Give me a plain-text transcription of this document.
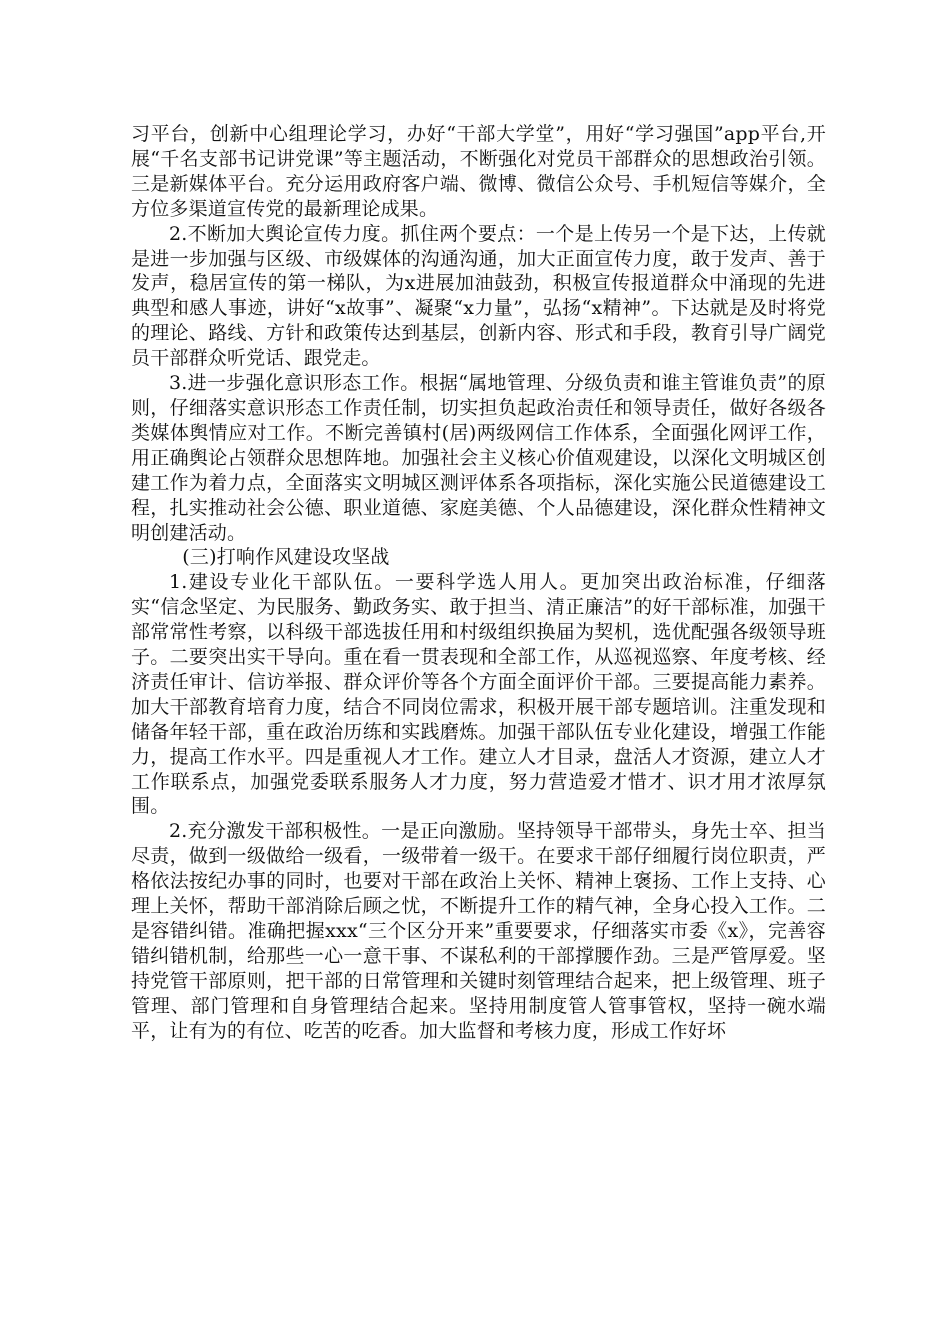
习平台，创新中心组理论学习，办好“干部大学堂”，用好“学习强国”app平台,开展“千名支部书记讲党课”等主题活动，不断强化对党员干部群众的思想政治引领。三是新媒体平台。充分运用政府客户端、微博、微信公众号、手机短信等媒介，全方位多渠道宣传党的最新理论成果。

2.不断加大舆论宣传力度。抓住两个要点：一个是上传另一个是下达，上传就是进一步加强与区级、市级媒体的沟通沟通，加大正面宣传力度，敢于发声、善于发声，稳居宣传的第一梯队，为x进展加油鼓劲，积极宣传报道群众中涌现的先进典型和感人事迹，讲好“x故事”、凝聚“x力量”，弘扬“x精神”。下达就是及时将党的理论、路线、方针和政策传达到基层，创新内容、形式和手段，教育引导广阔党员干部群众听党话、跟党走。

3.进一步强化意识形态工作。根据“属地管理、分级负责和谁主管谁负责”的原则，仔细落实意识形态工作责任制，切实担负起政治责任和领导责任，做好各级各类媒体舆情应对工作。不断完善镇村(居)两级网信工作体系，全面强化网评工作，用正确舆论占领群众思想阵地。加强社会主义核心价值观建设，以深化文明城区创建工作为着力点，全面落实文明城区测评体系各项指标，深化实施公民道德建设工程，扎实推动社会公德、职业道德、家庭美德、个人品德建设，深化群众性精神文明创建活动。

(三)打响作风建设攻坚战

1.建设专业化干部队伍。一要科学选人用人。更加突出政治标准，仔细落实“信念坚定、为民服务、勤政务实、敢于担当、清正廉洁”的好干部标准，加强干部常常性考察，以科级干部选拔任用和村级组织换届为契机，选优配强各级领导班子。二要突出实干导向。重在看一贯表现和全部工作，从巡视巡察、年度考核、经济责任审计、信访举报、群众评价等各个方面全面评价干部。三要提高能力素养。加大干部教育培育力度，结合不同岗位需求，积极开展干部专题培训。注重发现和储备年轻干部，重在政治历练和实践磨炼。加强干部队伍专业化建设，增强工作能力，提高工作水平。四是重视人才工作。建立人才目录，盘活人才资源，建立人才工作联系点，加强党委联系服务人才力度，努力营造爱才惜才、识才用才浓厚氛围。

2.充分激发干部积极性。一是正向激励。坚持领导干部带头，身先士卒、担当尽责，做到一级做给一级看，一级带着一级干。在要求干部仔细履行岗位职责，严格依法按纪办事的同时，也要对干部在政治上关怀、精神上褒扬、工作上支持、心理上关怀，帮助干部消除后顾之忧，不断提升工作的精气神，全身心投入工作。二是容错纠错。准确把握xxx“三个区分开来”重要要求，仔细落实市委《x》，完善容错纠错机制，给那些一心一意干事、不谋私利的干部撑腰作劲。三是严管厚爱。坚持党管干部原则，把干部的日常管理和关键时刻管理结合起来，把上级管理、班子管理、部门管理和自身管理结合起来。坚持用制度管人管事管权，坚持一碗水端平，让有为的有位、吃苦的吃香。加大监督和考核力度，形成工作好坏
